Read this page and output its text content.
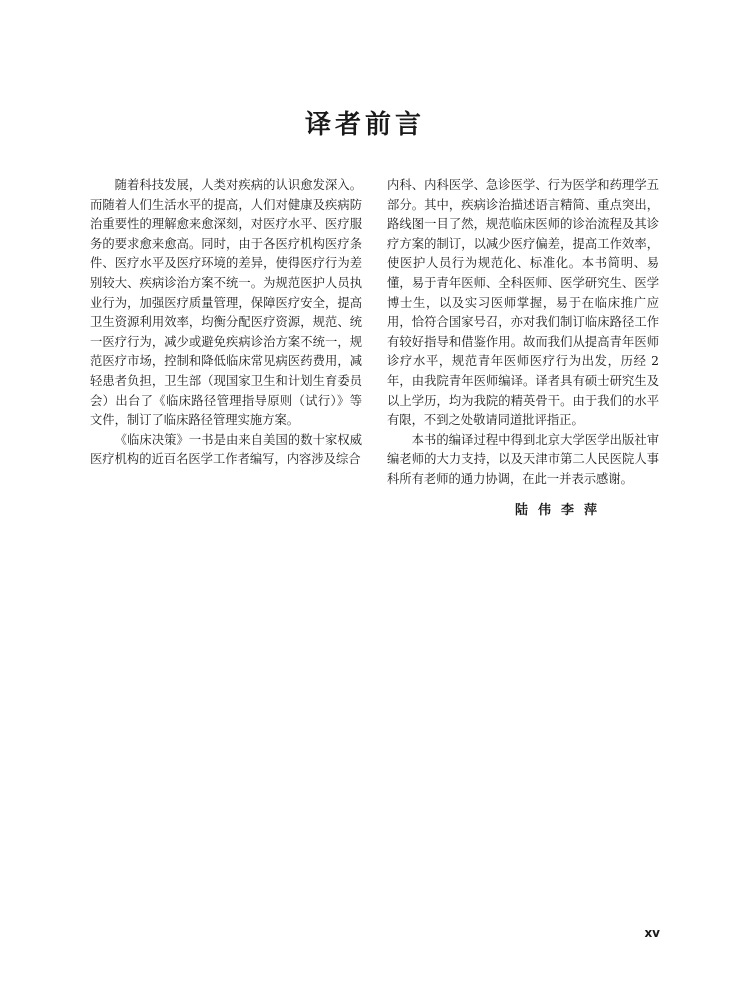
译者前言

随着科技发展，人类对疾病的认识愈发深入。而随着人们生活水平的提高，人们对健康及疾病防治重要性的理解愈来愈深刻，对医疗水平、医疗服务的要求愈来愈高。同时，由于各医疗机构医疗条件、医疗水平及医疗环境的差异，使得医疗行为差别较大、疾病诊治方案不统一。为规范医护人员执业行为，加强医疗质量管理，保障医疗安全，提高卫生资源利用效率，均衡分配医疗资源，规范、统一医疗行为，减少或避免疾病诊治方案不统一，规范医疗市场，控制和降低临床常见病医药费用，减轻患者负担，卫生部（现国家卫生和计划生育委员会）出台了《临床路径管理指导原则（试行）》等文件，制订了临床路径管理实施方案。

《临床决策》一书是由来自美国的数十家权威医疗机构的近百名医学工作者编写，内容涉及综合

内科、内科医学、急诊医学、行为医学和药理学五部分。其中，疾病诊治描述语言精简、重点突出，路线图一目了然，规范临床医师的诊治流程及其诊疗方案的制订，以减少医疗偏差，提高工作效率，使医护人员行为规范化、标准化。本书简明、易懂，易于青年医师、全科医师、医学研究生、医学博士生，以及实习医师掌握，易于在临床推广应用，恰符合国家号召，亦对我们制订临床路径工作有较好指导和借鉴作用。故而我们从提高青年医师诊疗水平，规范青年医师医疗行为出发，历经 2 年，由我院青年医师编译。译者具有硕士研究生及以上学历，均为我院的精英骨干。由于我们的水平有限，不到之处敬请同道批评指正。

本书的编译过程中得到北京大学医学出版社审编老师的大力支持，以及天津市第二人民医院人事科所有老师的通力协调，在此一并表示感谢。

陆伟李萍
xv
